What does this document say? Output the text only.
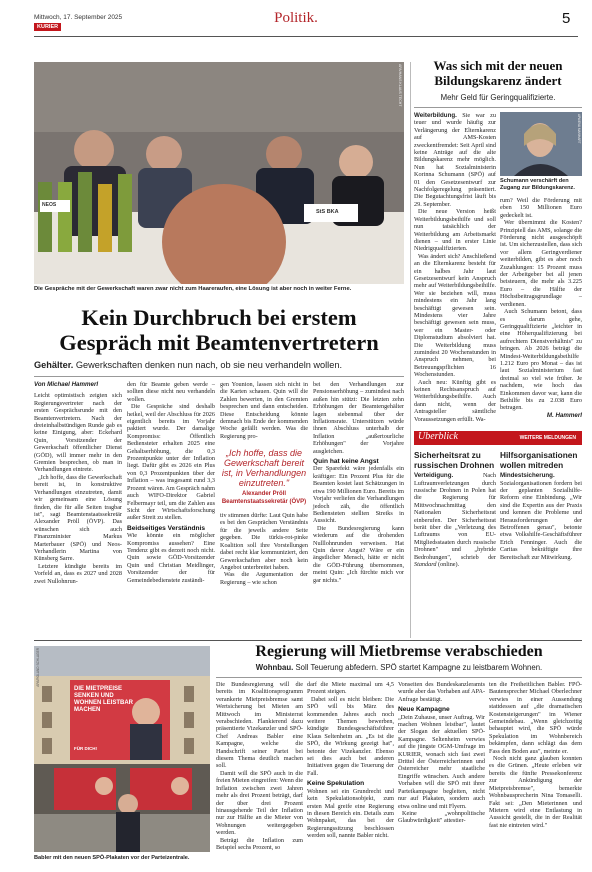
Mittwoch, 17. September 2025
KURIER
Politik.	5
NEOS
StS BKA
APA/HANS KLAUS TECHT
Die Gespräche mit der Gewerkschaft waren zwar nicht zum Haareraufen, eine Lösung ist aber noch in weiter Ferne.
Kein Durchbruch bei erstem
Gespräch mit Beamtenvertretern
Gehälter. Gewerkschaften denken nun nach, ob sie neu verhandeln wollen.

Von Michael Hammerl

Leicht optimistisch zeigten sich Regierungsvertreter nach der ersten Gesprächsrunde mit den Beamtenvertretern. Nach der dreieinhalbstündigen Runde gab es keine Einigung, aber: Eckehard Quin, Vorsitzender der Gewerkschaft öffentlicher Dienst (GÖD), will immer mehr in den Gremien besprechen, ob man in Verhandlungen eintrete.

„Ich hoffe, dass die Gewerkschaft bereit ist, in konstruktive Verhandlungen einzutreten, damit wir gemeinsam eine Lösung finden, die für alle Seiten tragbar ist", sagt Beamtenstaatssekretär Alexander Pröll (ÖVP). Das wünschen sich auch Finanzminister Markus Marterbauer (SPÖ) und Neos-Verhandlerin Martina von Künsberg Sarre.

Letztere kündigte bereits im Vorfeld an, dass es 2027 und 2028 zwei Nullohnrun-

den für Beamte geben werde – sollten diese nicht neu verhandeln wollen.

Die Gespräche sind deshalb heikel, weil der Abschluss für 2026 eigentlich bereits im Vorjahr paktiert wurde. Der damalige Kompromiss: Öffentlich Bediensteter erhalten 2025 eine Gehaltserhöhung, die 0,3 Prozentpunkte unter der Inflation liegt. Dafür gibt es 2026 ein Plus von 0,3 Prozentpunkten über der Inflation – was insgesamt rund 3,3 Prozent wären. Am Gespräch nahm auch WIFO-Direktor Gabriel Felbermayr teil, um die Zahlen aus Sicht der Wirtschaftsforschung außer Streit zu stellen.

Beidseitiges Verständnis

Wie könnte ein möglicher Kompromiss aussehen? Eine Tendenz gibt es derzeit noch nicht. Quin sowie GÖD-Vorsitzender Quin und Christian Meidlinger, Vorsitzender der für Gemeindebedienstete zuständi-

gen Younion, lassen sich nicht in die Karten schauen. Quin will die Zahlen bewerten, in den Gremien besprechen und dann entscheiden. Diese Entscheidung könnte demnach bis Ende der kommenden Woche gefällt werden. Was die Regierung pro-

„Ich hoffe, dass die Gewerkschaft bereit ist, in Verhandlungen einzutreten."
Alexander Pröll
Beamtenstaatssekretär (ÖVP)

tiv stimmen dürfte: Laut Quin habe es bei den Gesprächen Verständnis für die jeweils andere Seite gegeben. Die türkis-rot-pinke Koalition soll ihre Vorstellungen dabei recht klar kommuniziert, den Gewerkschaften aber noch kein Angebot unterbreitet haben.

Was die Argumentation der Regierung – wie schon

bei den Verhandlungen zur Pensionserhöhung – zumindest nach außen hin stützt: Die letzten zehn Erhöhungen der Beamtengehälter lagen siebenmal über der Inflationsrate. Unterstützen würde ihnen Abschluss unterhalb der Inflation „außertourliche Erhöhungen" der Vorjahre ausgleichen.

Quin hat keine Angst

Der Sparefekt wäre jedenfalls ein kräftiger: Ein Prozent Plus für die Beamten kostet laut Schätzungen in etwa 190 Millionen Euro. Bereits im Vorjahr verliefen die Verhandlungen jedoch zäh, die öffentlich Bediensteten stellten Streiks in Aussicht.

Die Bundesregierung kann wiederum auf die drohenden Nulllohnrunden verweisen. Hat Quin davor Angst? Wäre er ein ängstlicher Mensch, hätte er nicht die GÖD-Führung übernommen, meint Quin: „Ich fürchte mich vor gar nichts."

Was sich mit der neuen
Bildungskarenz ändert
Mehr Geld für Geringqualifizierte.

Weiterbildung. Sie war zu teuer und wurde häufig zur Verlängerung der Elternkarenz auf AMS-Kosten zweckentfremdet: Seit April sind keine Anträge auf die alte Bildungskarenz mehr möglich. Nun hat Sozialministerin Korinna Schumann (SPÖ) auf 01 den Gesetzesentwurf zur Nachfolgeregelung präsentiert. Die Begutachtungsfrist läuft bis 29. September.

Die neue Version heißt Weiterbildungsbeihilfe und soll nun tatsächlich der Weiterbildung am Arbeitsmarkt dienen – und in erster Linie Niedrigqualifizierten.

Was ändert sich? Anschließend an die Elternkarenz besteht für ein halbes Jahr laut Gesetzesentwurf kein Anspruch mehr auf Weiterbildungsbeihilfe. Wer sie beziehen will, muss mindestens ein Jahr lang beschäftigt gewesen sein. Mindestens vier Jahre beschäftigt gewesen sein muss, wer ein Master- oder Diplomstudium absolviert hat. Die Weiterbildung muss zumindest 20 Wochenstunden in Anspruch nehmen, bei Betreuungspflichten 16 Wochenstunden.

Auch neu: Künftig gibt es keinen Rechtsanspruch auf Weiterbildungsbeihilfe. Auch dann nicht, wenn der Antragsteller sämtliche Voraussetzungen erfüllt. Wa-

APA/EVA MANHART
Schumann verschärft den Zugang zur Bildungskarenz.

rum? Weil die Förderung mit eben 150 Millionen Euro gedeckelt ist.

Wer übernimmt die Kosten? Prinzipiell das AMS, solange die Förderung nicht ausgeschöpft ist. Um sicherzustellen, dass sich vor allem Geringverdiener weiterbilden, gibt es aber noch Zuzahlungen: 15 Prozent muss der Arbeitgeber bei all jenen beisteuern, die mehr als 3.225 Euro – die Hälfte der Höchstbeitragsgrundlage – verdienen.

Auch Schumann betont, dass es darum gehe, Geringqualifizierte „leichter in eine Höherqualifizierung bei aufrechtem Dienstverhältnis" zu bringen. Ab 2026 beträgt die Mindest-Weiterbildungsbeihilfe 1.212 Euro pro Monat – das ist laut Sozialministerium fast dreimal so viel wie früher. Je nachdem, wie hoch das Einkommen davor war, kann die Beihilfe bis zu 2.038 Euro betragen.

M. Hammerl

Überblick	WEITERE MELDUNGEN
Sicherheitsrat zu russischen Drohnen

Verteidigung.	Nach Luftraumverletzungen durch russische Drohnen in Polen hat die Regierung für Mittwochnachmittag den Nationalen Sicherheitsrat einberufen. Der Sicherheitsrat berät über die „Verletzung des Luftraums von EU-Mitgliedsstaaten durch russische Drohnen" und „hybride Bedrohungen", schrieb der Standard (online).

Hilfsorganisationen wollen mitreden

Mindestsicherung. Sozialorganisationen fordern bei der geplanten Sozialhilfe-Reform eine Einbindung. „Wir sind die Expertin aus der Praxis und kennen die Probleme und Herausforderungen der Betroffenen genau", betonte etwa Volkshilfe-Geschäftsführer Erich Fenninger. Auch die Caritas bekräftigte ihre Bereitschaft zur Mitwirkung.

DIE MIETPREISE SENKEN UND WOHNEN LEISTBAR MACHEN
FÜR DICH!
APA/ROLAND SCHLAGER
Babler mit den neuen SPÖ-Plakaten vor der Parteizentrale.
Regierung will Mietbremse verabschieden
Wohnbau. Soll Teuerung abfedern. SPÖ startet Kampagne zu leistbarem Wohnen.

Die Bundesregierung will die bereits im Koalitionsprogramm verankerte Mietpreisbremse samt Wertsicherung bei Mieten am Mittwoch im Ministerrat verabschieden. Flankierend dazu präsentierte Vizekanzler und SPÖ-Chef Andreas Babler eine Kampagne, welche die Handschrift seiner Partei bei diesem Thema deutlich machen soll.

Damit will die SPÖ auch in die freien Mieten eingreifen: Wenn die Inflation zwischen zwei Jahren mehr als drei Prozent beträgt, darf der über drei Prozent hinausgehende Teil der Inflation nur zur Hälfte an die Mieter von Wohnungen weitergegeben werden.

Beträgt die Inflation zum Beispiel sechs Prozent, so

darf die Miete maximal um 4,5 Prozent steigen.

Dabei soll es nicht bleiben: Die SPÖ will bis März des kommenden Jahres auch noch weitere Themen bewerben, kündigte Bundesgeschäftsführer Klaus Seltenheim an. „Es ist die SPÖ, die Wirkung gezeigt hat", betonte der Vizekanzler. Ebenso sei dies auch bei anderen Initiativen gegen die Teuerung der Fall.

Keine Spekulation

Wohnen sei ein Grundrecht und kein Spekulationsobjekt, zum ersten Mal greife eine Regierung in diesen Bereich ein. Details zum Wohnpaket, das bei der Regierungssitzung beschlossen werden soll, nannte Babler nicht.

Vonseiten des Bundeskanzleramts wurde aber das Vorhaben auf APA-Anfrage bestätigt.

Neue Kampagne

„Dein Zuhause, unser Auftrag. Wir machen Wohnen leistbar", lautet der Slogan der aktuellen SPÖ-Kampagne. Seltenheim verwies auf die jüngste OGM-Umfrage im KURIER, wonach sich fast zwei Drittel der Österreicherinnen und Österreicher mehr staatliche Eingriffe wünschen. Auch andere Vorhaben will die SPÖ mit ihrer Parteikampagne begleiten, nicht nur auf Plakaten, sondern auch etwa online und mit Flyern.

Keine „wohnpolitische Glaubwürdigkeit" attestier-

ten die Freiheitlichen Babler. FPÖ-Bautensprecher Michael Oberlechner verwies in einer Aussendung stattdessen auf „die dramatischen Kostensteigerungen" im Wiener Gemeindebau. „Wenn gleichzeitig behauptet wird, die SPÖ würde Spekulation im Wohnbereich bekämpfen, dann schlägt das dem Fass den Boden aus", meinte er.

Noch nicht ganz glauben konnten es die Grünen. „Heute erleben wir bereits die fünfte Pressekonferenz zur Ankündigung der Mietpreisbremse", bemerkte Wohnbausprecherin Nina Tomaselli. Fakt sei: „Den Mieterinnen und Mietern wird eine Entlastung in Aussicht gestellt, die in der Realität fast nie eintreten wird."
